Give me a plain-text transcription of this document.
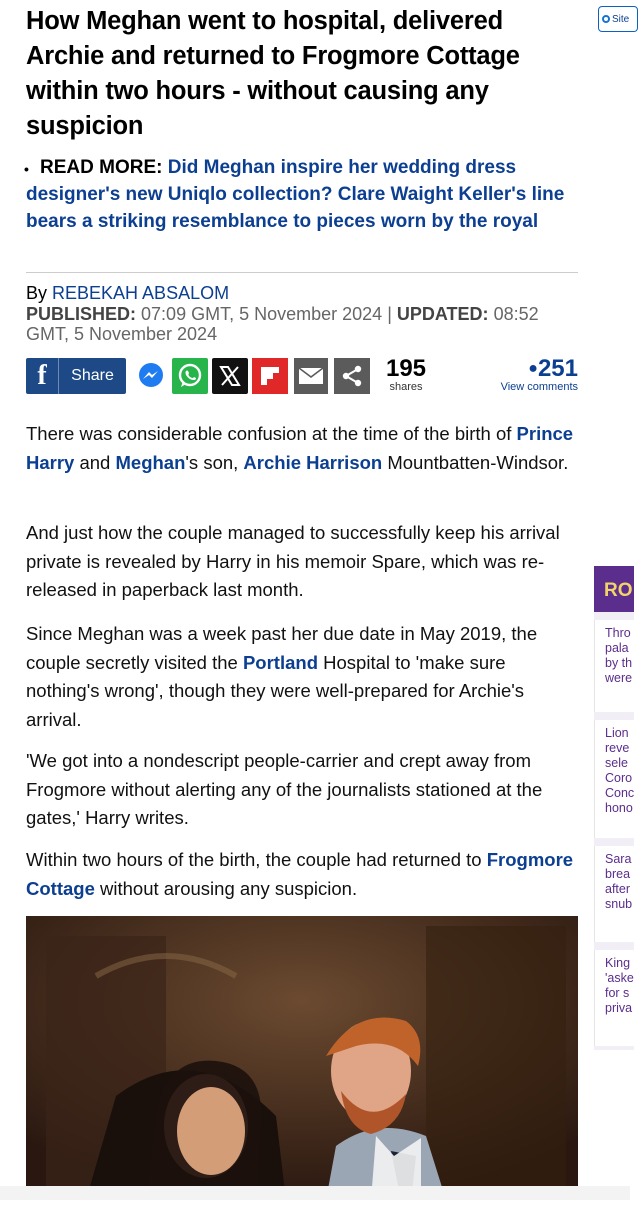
How Meghan went to hospital, delivered Archie and returned to Frogmore Cottage within two hours - without causing any suspicion
• READ MORE: Did Meghan inspire her wedding dress designer's new Uniqlo collection? Clare Waight Keller's line bears a striking resemblance to pieces worn by the royal
By REBEKAH ABSALOM
PUBLISHED: 07:09 GMT, 5 November 2024 | UPDATED: 08:52 GMT, 5 November 2024
f	Share	195
shares
●251
View comments

There was considerable confusion at the time of the birth of Prince Harry and Meghan's son, Archie Harrison Mountbatten-Windsor.

And just how the couple managed to successfully keep his arrival private is revealed by Harry in his memoir Spare, which was re-released in paperback last month.

Since Meghan was a week past her due date in May 2019, the couple secretly visited the Portland Hospital to 'make sure nothing's wrong', though they were well-prepared for Archie's arrival.

'We got into a nondescript people-carrier and crept away from Frogmore without alerting any of the journalists stationed at the gates,' Harry writes.

Within two hours of the birth, the couple had returned to Frogmore Cottage without arousing any suspicion.

Site
RO
Thro
pala
by th
were
Lion
reve
sele
Coro
Conc
hono
Sara
brea
after
snub
King
'aske
for s
priva
